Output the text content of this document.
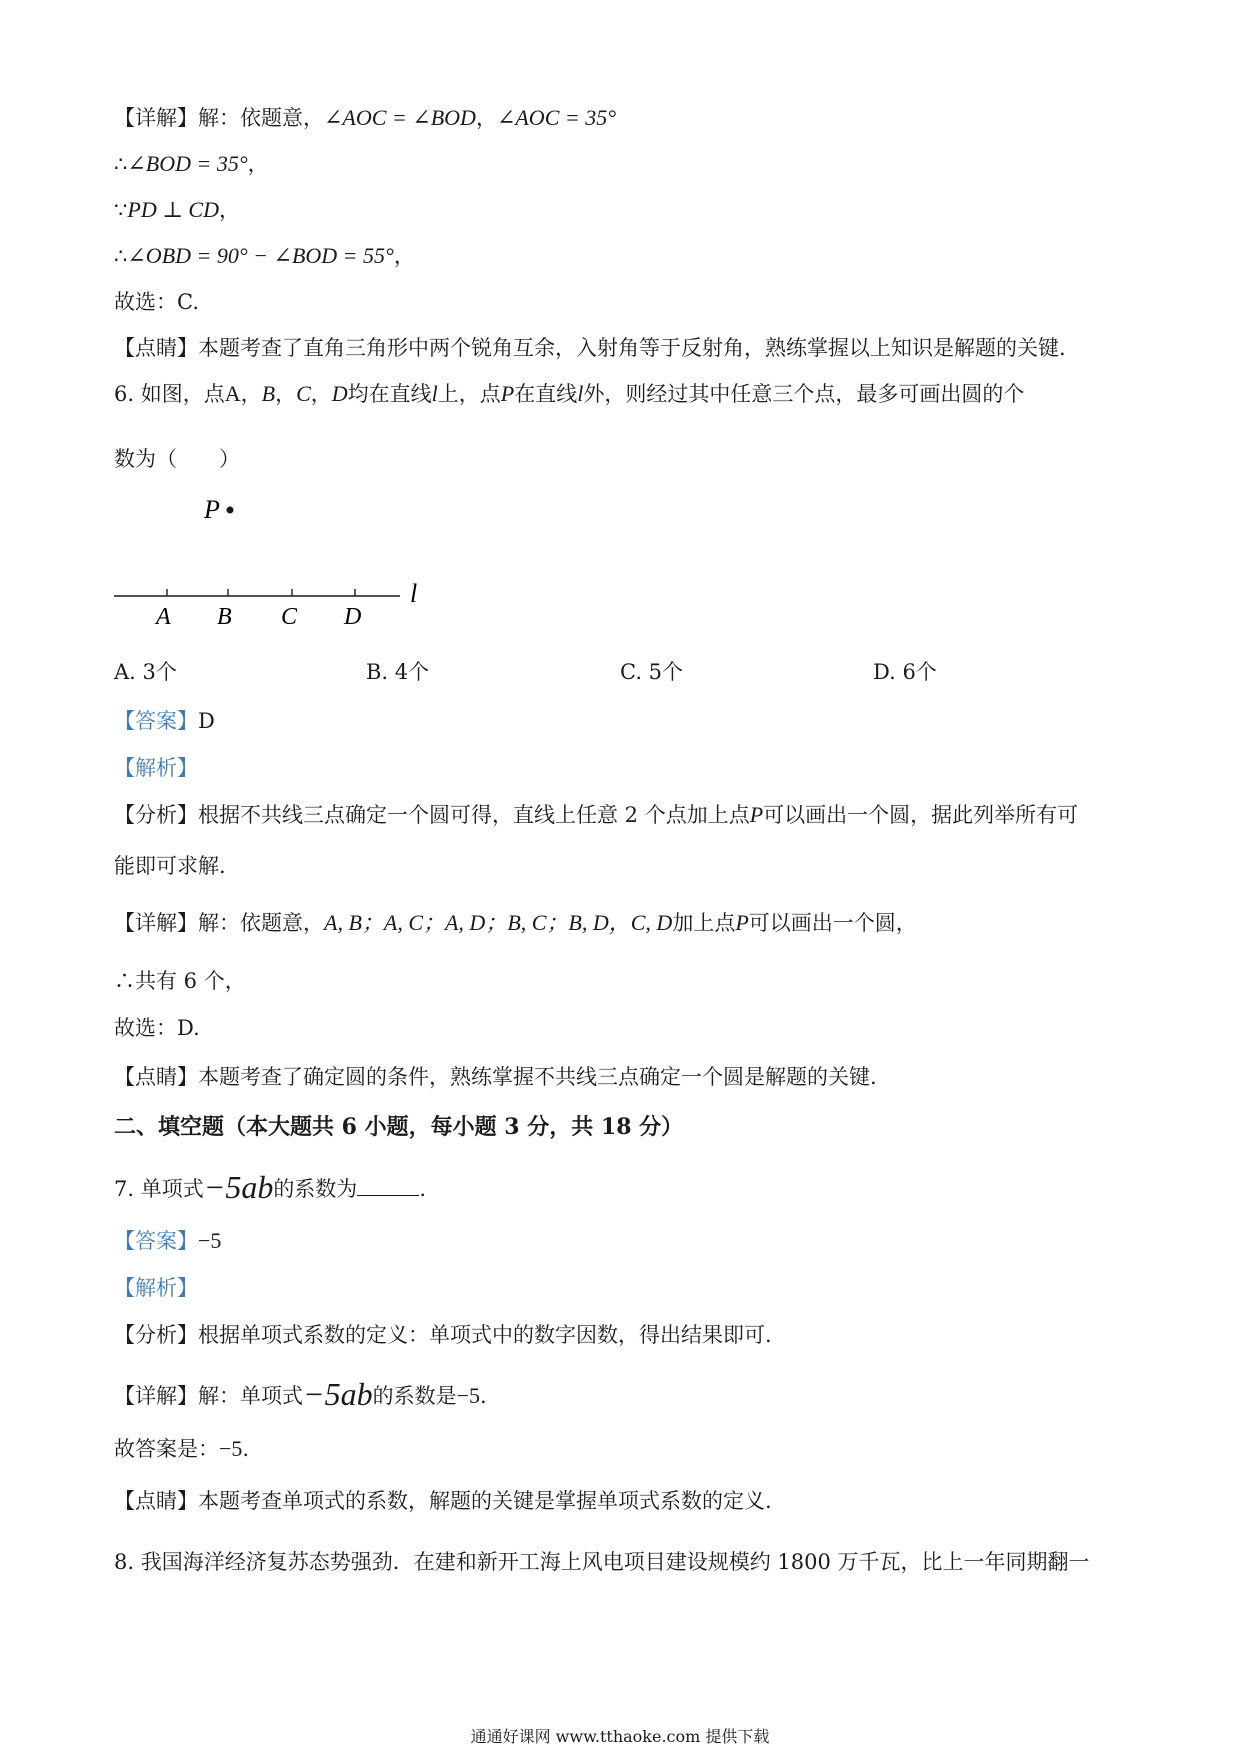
【详解】解：依题意，∠AOC = ∠BOD，∠AOC = 35°
∴∠BOD = 35°，
∵PD ⊥ CD，
∴∠OBD = 90° − ∠BOD = 55°，
故选：C.
【点睛】本题考查了直角三角形中两个锐角互余，入射角等于反射角，熟练掌握以上知识是解题的关键.
6. 如图，点A，B，C，D均在直线l上，点P在直线l外，则经过其中任意三个点，最多可画出圆的个
数为（　　）
P
l
A B C D
A. 3个	B. 4个	C. 5个	D. 6个
【答案】D
【解析】
【分析】根据不共线三点确定一个圆可得，直线上任意 2 个点加上点P可以画出一个圆，据此列举所有可
能即可求解.
【详解】解：依题意，A, B；A, C；A, D；B, C；B, D，C, D加上点P可以画出一个圆，
∴共有 6 个，
故选：D.
【点睛】本题考查了确定圆的条件，熟练掌握不共线三点确定一个圆是解题的关键.
二、填空题（本大题共 6 小题，每小题 3 分，共 18 分）
7. 单项式−5ab的系数为	.
【答案】−5
【解析】
【分析】根据单项式系数的定义：单项式中的数字因数，得出结果即可.
【详解】解：单项式−5ab的系数是−5.
故答案是：−5.
【点睛】本题考查单项式的系数，解题的关键是掌握单项式系数的定义.
8. 我国海洋经济复苏态势强劲．在建和新开工海上风电项目建设规模约 1800 万千瓦，比上一年同期翻一
通通好课网 www.tthaoke.com 提供下载
